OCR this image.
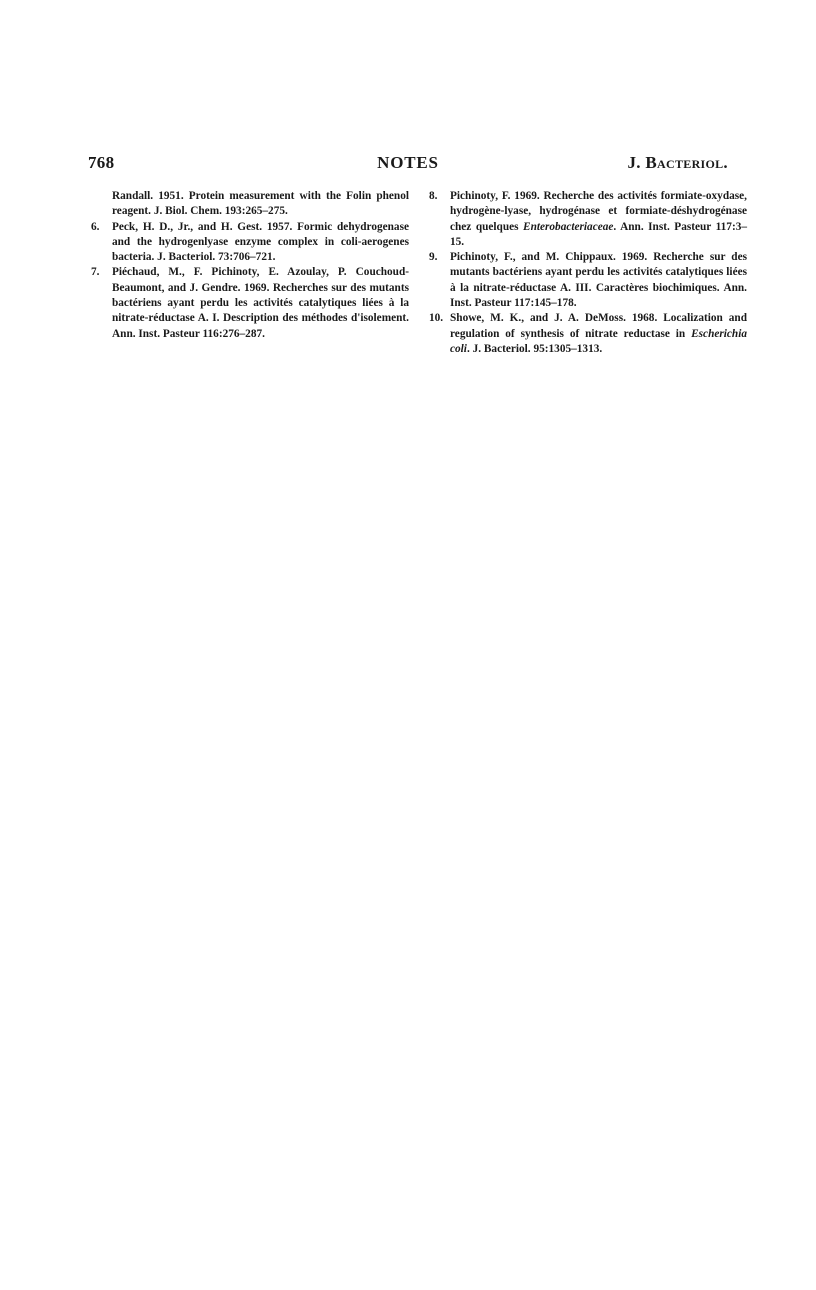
768	NOTES	J. Bacteriol.

Randall. 1951. Protein measurement with the Folin phenol reagent. J. Biol. Chem. 193:265–275.

6. Peck, H. D., Jr., and H. Gest. 1957. Formic dehydrogenase and the hydrogenlyase enzyme complex in coli-aerogenes bacteria. J. Bacteriol. 73:706–721.

7. Piéchaud, M., F. Pichinoty, E. Azoulay, P. Couchoud-Beaumont, and J. Gendre. 1969. Recherches sur des mutants bactériens ayant perdu les activités catalytiques liées à la nitrate-réductase A. I. Description des méthodes d'isolement. Ann. Inst. Pasteur 116:276–287.

8. Pichinoty, F. 1969. Recherche des activités formiate-oxydase, hydrogène-lyase, hydrogénase et formiate-déshydrogénase chez quelques Enterobacteriaceae. Ann. Inst. Pasteur 117:3–15.

9. Pichinoty, F., and M. Chippaux. 1969. Recherche sur des mutants bactériens ayant perdu les activités catalytiques liées à la nitrate-réductase A. III. Caractères biochimiques. Ann. Inst. Pasteur 117:145–178.

10. Showe, M. K., and J. A. DeMoss. 1968. Localization and regulation of synthesis of nitrate reductase in Escherichia coli. J. Bacteriol. 95:1305–1313.
